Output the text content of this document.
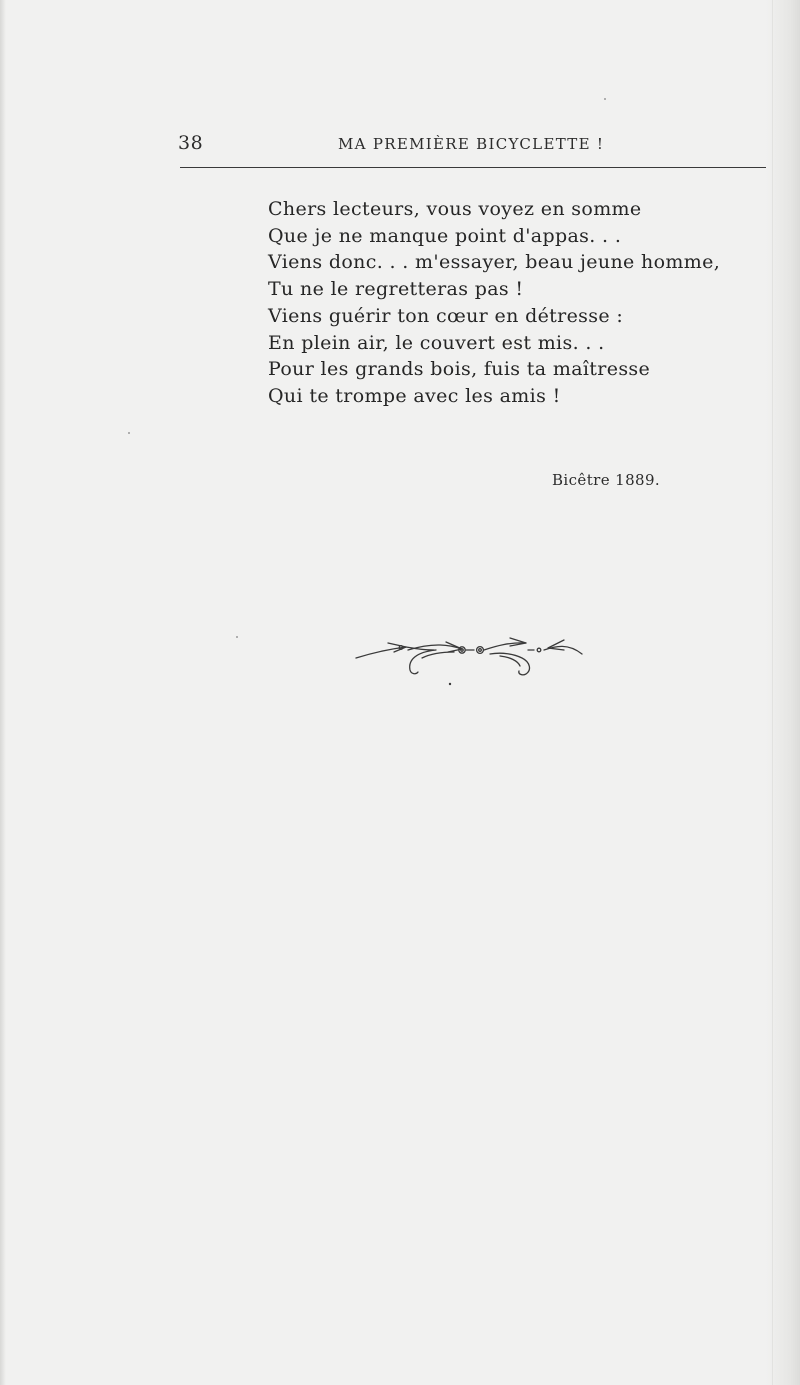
38	MA PREMIÈRE BICYCLETTE !
Chers lecteurs, vous voyez en somme
Que je ne manque point d'appas. . .
Viens donc. . . m'essayer, beau jeune homme,
Tu ne le regretteras pas !
Viens guérir ton cœur en détresse :
En plein air, le couvert est mis. . .
Pour les grands bois, fuis ta maîtresse
Qui te trompe avec les amis !
Bicêtre 1889.
